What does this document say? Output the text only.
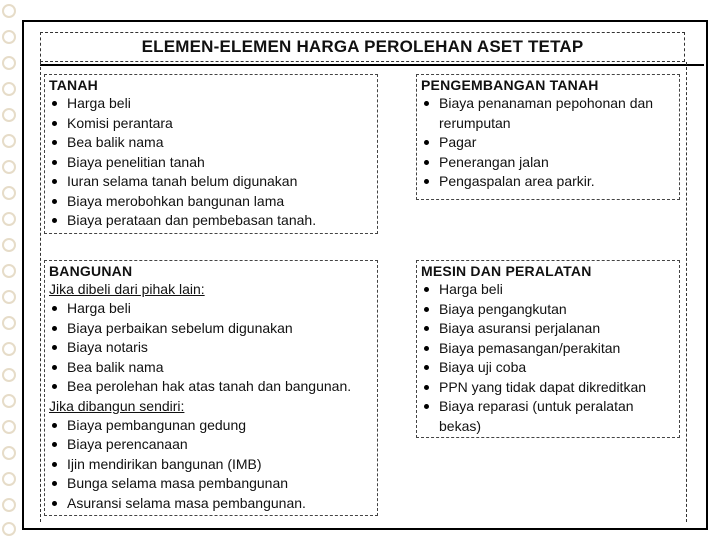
ELEMEN-ELEMEN HARGA PEROLEHAN ASET TETAP
TANAH
Harga beli
Komisi perantara
Bea balik nama
Biaya penelitian tanah
Iuran selama tanah belum digunakan
Biaya merobohkan bangunan lama
Biaya perataan dan pembebasan tanah.
PENGEMBANGAN TANAH
Biaya penanaman pepohonan dan rerumputan
Pagar
Penerangan jalan
Pengaspalan area parkir.
BANGUNAN
Jika dibeli dari pihak lain:
Harga beli
Biaya perbaikan sebelum digunakan
Biaya notaris
Bea balik nama
Bea perolehan hak atas tanah dan bangunan.
Jika dibangun sendiri:
Biaya pembangunan gedung
Biaya perencanaan
Ijin mendirikan bangunan (IMB)
Bunga selama masa pembangunan
Asuransi selama masa pembangunan.
MESIN DAN PERALATAN
Harga beli
Biaya pengangkutan
Biaya asuransi perjalanan
Biaya pemasangan/perakitan
Biaya uji coba
PPN yang tidak dapat dikreditkan
Biaya reparasi (untuk peralatan bekas)
